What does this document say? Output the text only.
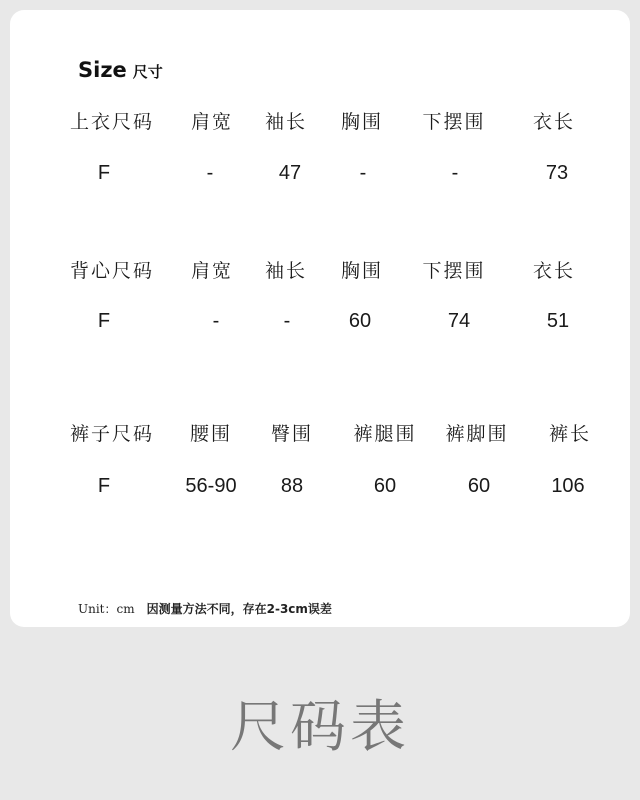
Size 尺寸
上衣尺码 肩宽 袖长 胸围 下摆围 衣长
F	-	47	-	-	73
背心尺码 肩宽 袖长 胸围 下摆围 衣长
F	-	-	60	74	51
裤子尺码 腰围 臀围 裤腿围 裤脚围 裤长
F	56-90 88	60	60	106
Unit：cm 因测量方法不同，存在2-3cm误差
尺码表
